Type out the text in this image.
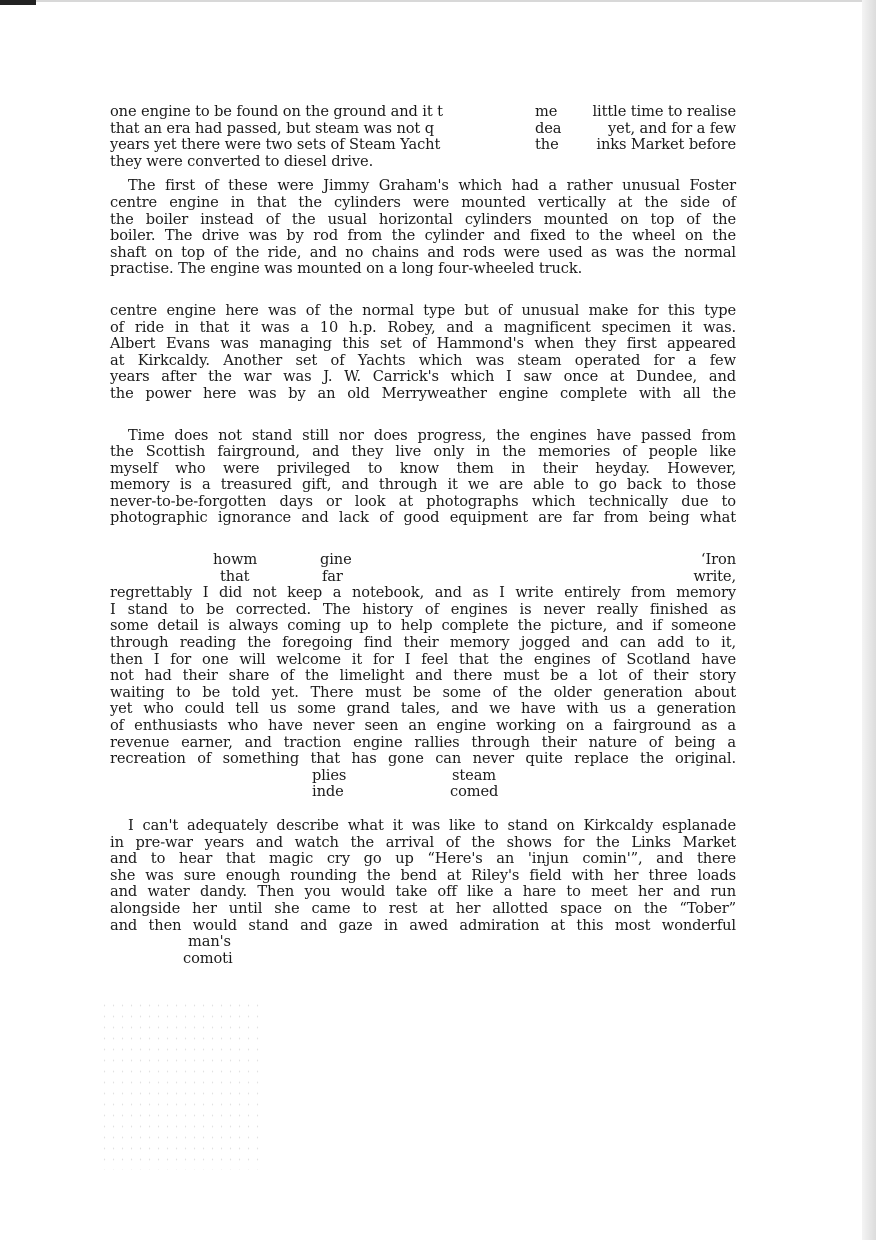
one engine to be found on the ground and it t	me little time to realise
that an era had passed, but steam was not q	dea	yet, and for a few
years yet there were two sets of Steam Yacht	the	inks Market before
they were converted to diesel drive.
The first of these were Jimmy Graham's which had a rather unusual Foster
centre engine in that the cylinders were mounted vertically at the side of
the boiler instead of the usual horizontal cylinders mounted on top of the
boiler. The drive was by rod from the cylinder and fixed to the wheel on the
shaft on top of the ride, and no chains and rods were used as was the normal
practise. The engine was mounted on a long four-wheeled truck.
centre engine here was of the normal type but of unusual make for this type
of ride in that it was a 10 h.p. Robey, and a magnificent specimen it was.
Albert Evans was managing this set of Hammond's when they first appeared
at Kirkcaldy. Another set of Yachts which was steam operated for a few
years after the war was J. W. Carrick's which I saw once at Dundee, and
the power here was by an old Merryweather engine complete with all the
Time does not stand still nor does progress, the engines have passed from
the Scottish fairground, and they live only in the memories of people like
myself who were privileged to know them in their heyday. However,
memory is a treasured gift, and through it we are able to go back to those
never-to-be-forgotten days or look at photographs which technically due to
photographic ignorance and lack of good equipment are far from being what
howm	gine	‘Iron
that	far	write,
regrettably I did not keep a notebook, and as I write entirely from memory
I stand to be corrected. The history of engines is never really finished as
some detail is always coming up to help complete the picture, and if someone
through reading the foregoing find their memory jogged and can add to it,
then I for one will welcome it for I feel that the engines of Scotland have
not had their share of the limelight and there must be a lot of their story
waiting to be told yet. There must be some of the older generation about
yet who could tell us some grand tales, and we have with us a generation
of enthusiasts who have never seen an engine working on a fairground as a
revenue earner, and traction engine rallies through their nature of being a
recreation of something that has gone can never quite replace the original.
plies	steam
inde	comed
I can't adequately describe what it was like to stand on Kirkcaldy esplanade
in pre-war years and watch the arrival of the shows for the Links Market
and to hear that magic cry go up “Here's an 'injun comin'”, and there
she was sure enough rounding the bend at Riley's field with her three loads
and water dandy. Then you would take off like a hare to meet her and run
alongside her until she came to rest at her allotted space on the “Tober”
and then would stand and gaze in awed admiration at this most wonderful
man's
comoti
